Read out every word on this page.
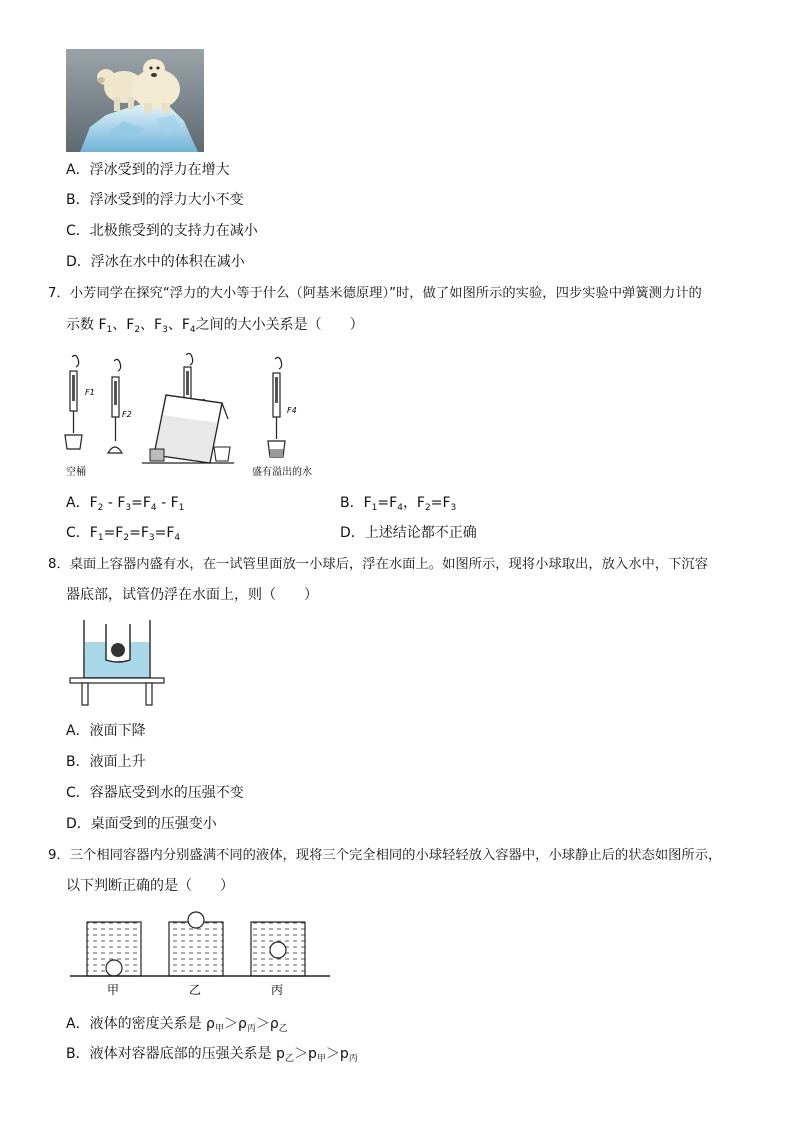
A．浮冰受到的浮力在增大
B．浮冰受到的浮力大小不变
C．北极熊受到的支持力在减小
D．浮冰在水中的体积在减小
7．小芳同学在探究“浮力的大小等于什么（阿基米德原理）”时，做了如图所示的实验，四步实验中弹簧测力计的
示数 $F_1$、$F_2$、$F_3$、$F_4$之间的大小关系是（　　）
F1
空桶
F2	F4
盛有溢出的水
A．$F_2 - F_3=F_4 - F_1$	B．$F_1=F_4$，$F_2=F_3$
C．$F_1=F_2=F_3=F_4$	D．上述结论都不正确
8．桌面上容器内盛有水，在一试管里面放一小球后，浮在水面上。如图所示，现将小球取出，放入水中，下沉容
器底部，试管仍浮在水面上，则（　　）
A．液面下降
B．液面上升
C．容器底受到水的压强不变
D．桌面受到的压强变小
9．三个相同容器内分别盛满不同的液体，现将三个完全相同的小球轻轻放入容器中，小球静止后的状态如图所示，
以下判断正确的是（　　）
甲	乙	丙
A．液体的密度关系是 $\rho_甲>\rho_丙>\rho_乙$
B．液体对容器底部的压强关系是 $p_乙>p_甲>p_丙$
